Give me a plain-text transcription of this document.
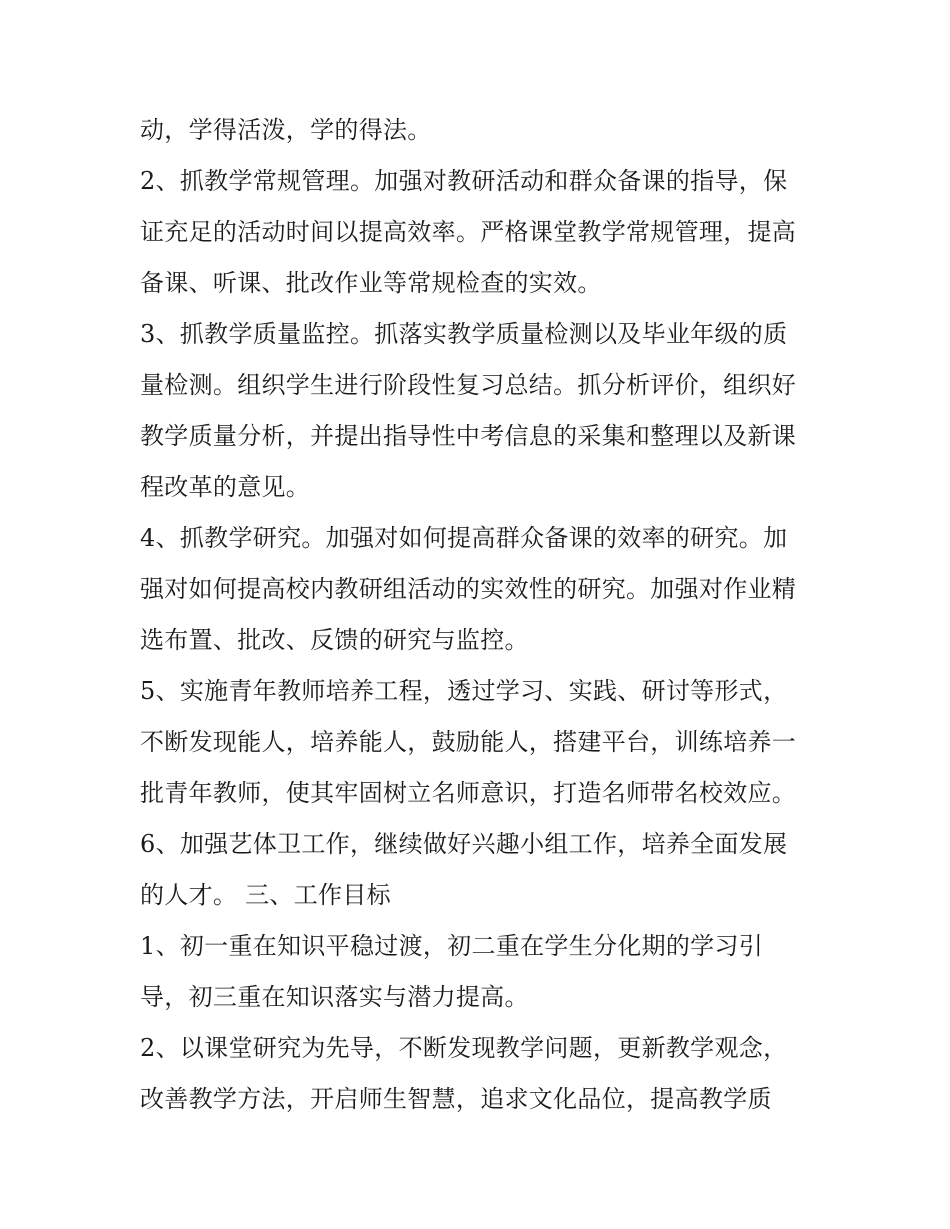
动，学得活泼，学的得法。
2、抓教学常规管理。加强对教研活动和群众备课的指导，保
证充足的活动时间以提高效率。严格课堂教学常规管理，提高
备课、听课、批改作业等常规检查的实效。
3、抓教学质量监控。抓落实教学质量检测以及毕业年级的质
量检测。组织学生进行阶段性复习总结。抓分析评价，组织好
教学质量分析，并提出指导性中考信息的采集和整理以及新课
程改革的意见。
4、抓教学研究。加强对如何提高群众备课的效率的研究。加
强对如何提高校内教研组活动的实效性的研究。加强对作业精
选布置、批改、反馈的研究与监控。
5、实施青年教师培养工程，透过学习、实践、研讨等形式，
不断发现能人，培养能人，鼓励能人，搭建平台，训练培养一
批青年教师，使其牢固树立名师意识，打造名师带名校效应。
6、加强艺体卫工作，继续做好兴趣小组工作，培养全面发展
的人才。 三、工作目标
1、初一重在知识平稳过渡，初二重在学生分化期的学习引
导，初三重在知识落实与潜力提高。
2、以课堂研究为先导，不断发现教学问题，更新教学观念，
改善教学方法，开启师生智慧，追求文化品位，提高教学质
